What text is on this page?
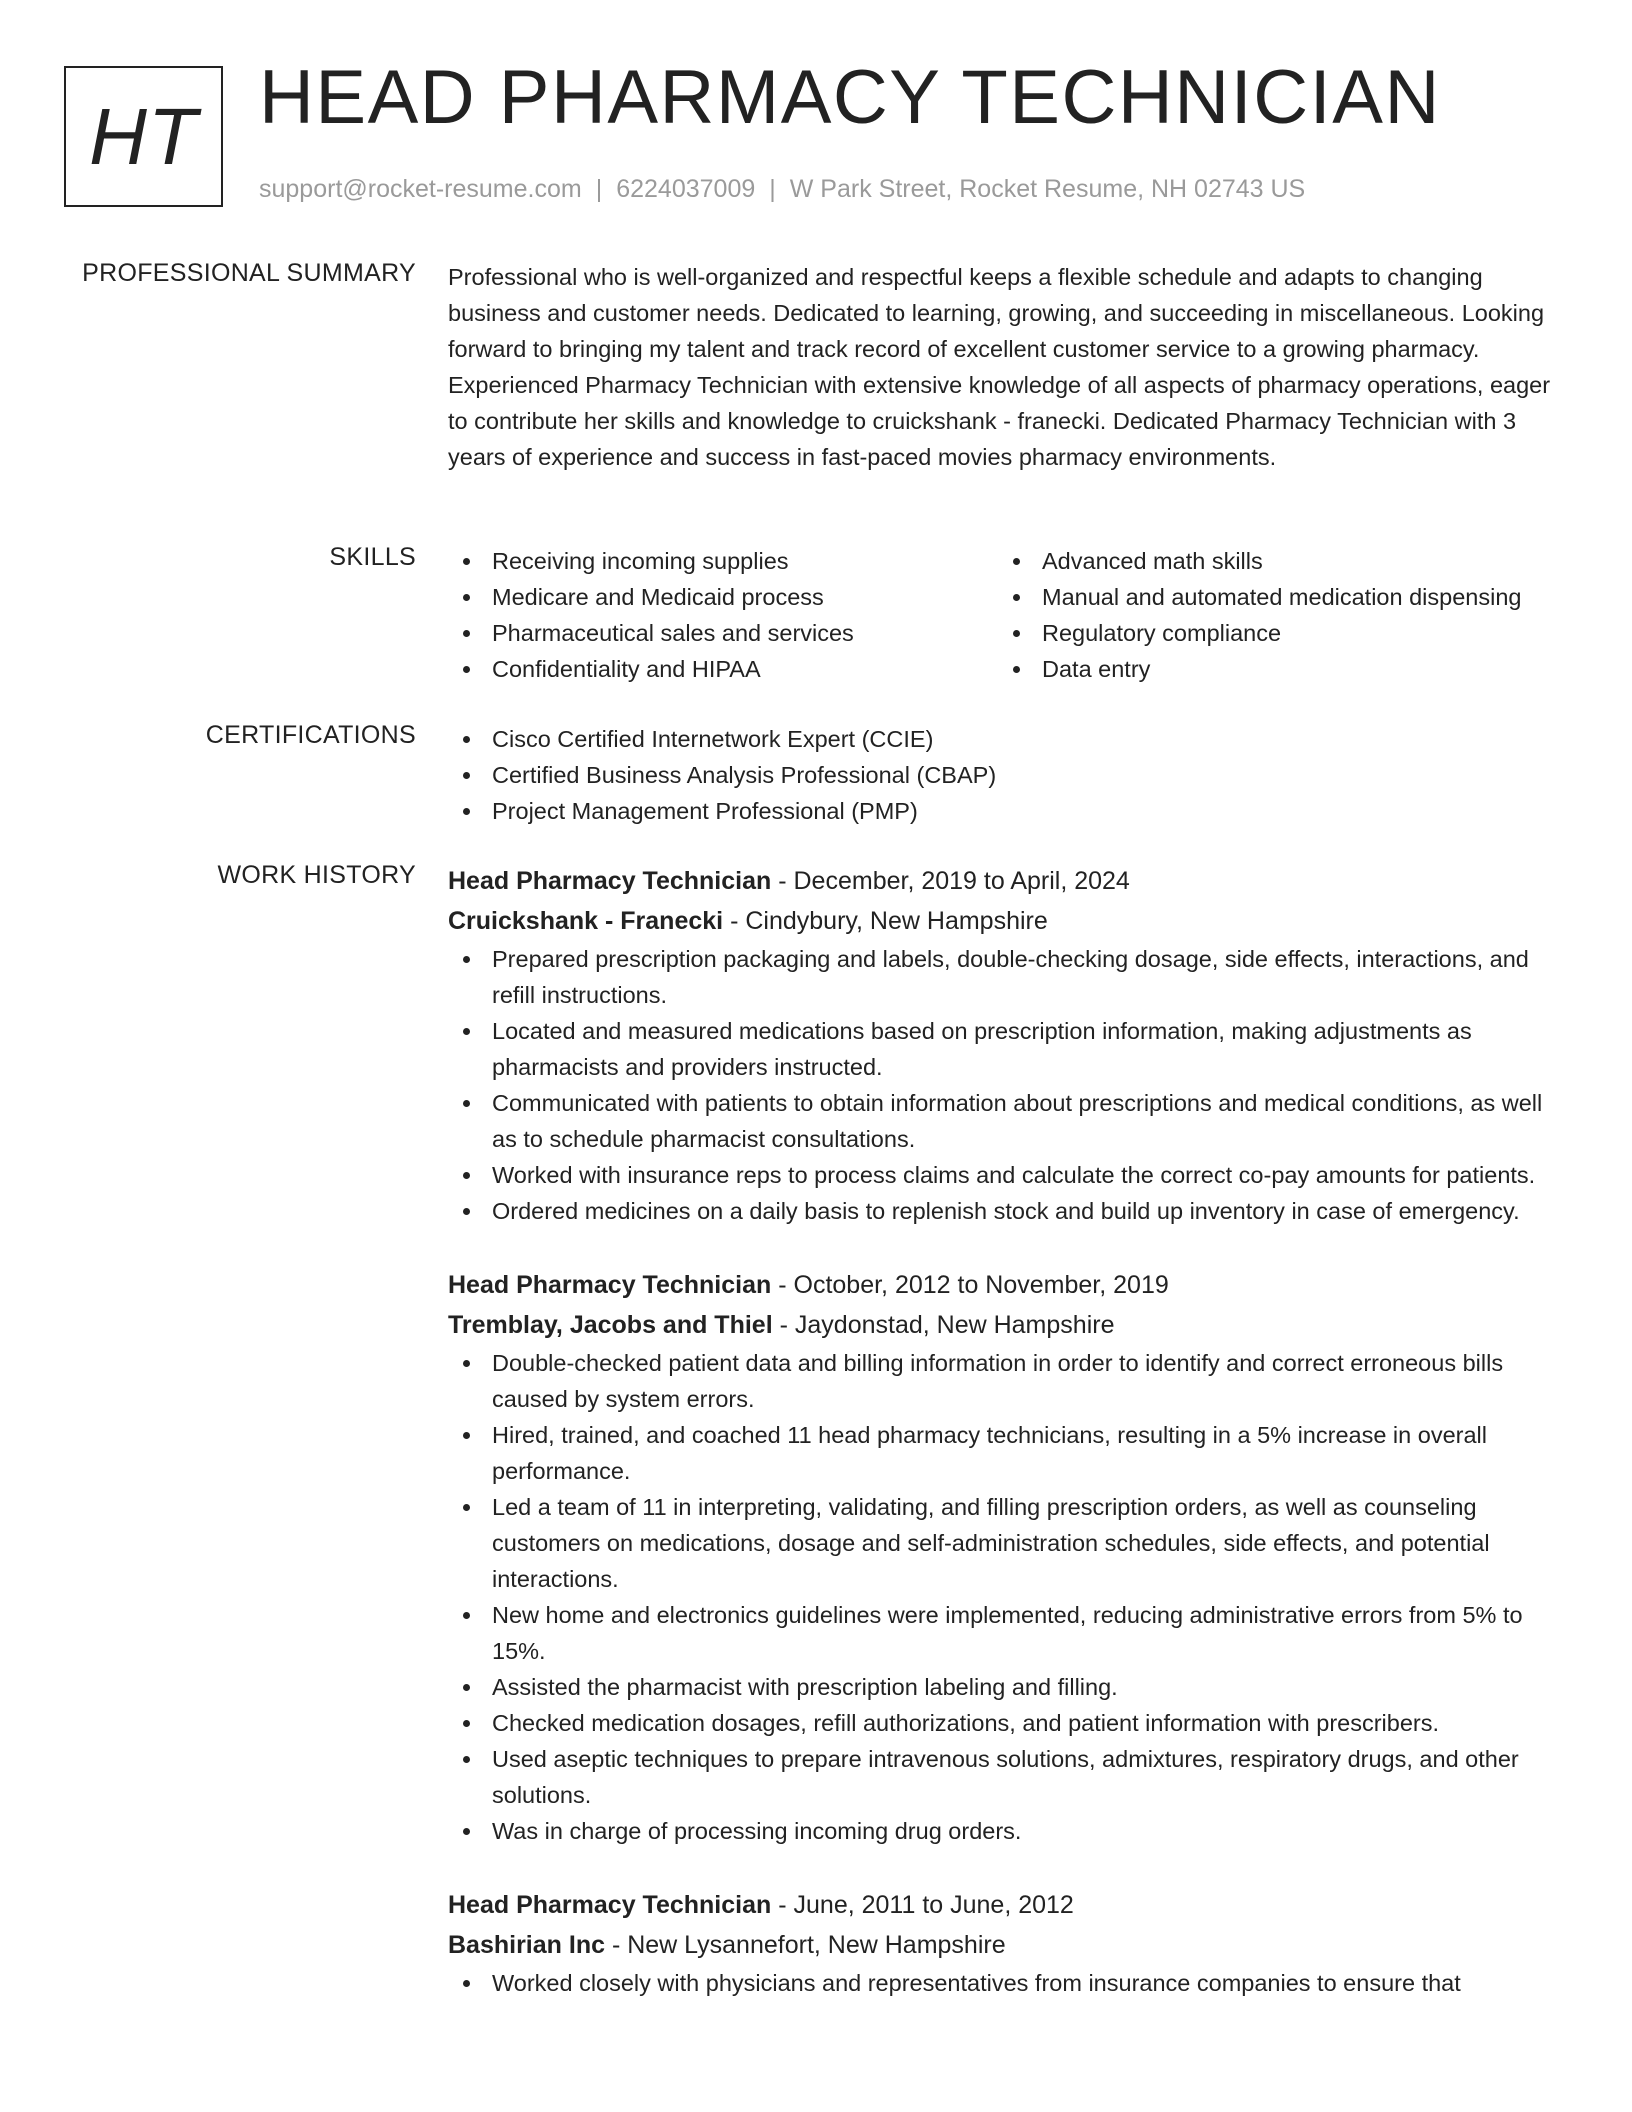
HT HEAD PHARMACY TECHNICIAN
support@rocket-resume.com | 6224037009 | W Park Street, Rocket Resume, NH 02743 US
PROFESSIONAL SUMMARY Professional who is well-organized and respectful keeps a flexible schedule and adapts to changing business and customer needs. Dedicated to learning, growing, and succeeding in miscellaneous. Looking forward to bringing my talent and track record of excellent customer service to a growing pharmacy. Experienced Pharmacy Technician with extensive knowledge of all aspects of pharmacy operations, eager to contribute her skills and knowledge to cruickshank - franecki. Dedicated Pharmacy Technician with 3 years of experience and success in fast-paced movies pharmacy environments.

SKILLS	Receiving incoming supplies
Medicare and Medicaid process
Pharmaceutical sales and services
Confidentiality and HIPAA
Advanced math skills
Manual and automated medication dispensing
Regulatory compliance
Data entry
CERTIFICATIONS	Cisco Certified Internetwork Expert (CCIE)
Certified Business Analysis Professional (CBAP)
Project Management Professional (PMP)
WORK HISTORY Head Pharmacy Technician - December, 2019 to April, 2024
Cruickshank - Franecki - Cindybury, New Hampshire
Prepared prescription packaging and labels, double-checking dosage, side effects, interactions, and refill instructions.
Located and measured medications based on prescription information, making adjustments as pharmacists and providers instructed.
Communicated with patients to obtain information about prescriptions and medical conditions, as well as to schedule pharmacist consultations.
Worked with insurance reps to process claims and calculate the correct co-pay amounts for patients.
Ordered medicines on a daily basis to replenish stock and build up inventory in case of emergency.
Head Pharmacy Technician - October, 2012 to November, 2019
Tremblay, Jacobs and Thiel - Jaydonstad, New Hampshire
Double-checked patient data and billing information in order to identify and correct erroneous bills caused by system errors.
Hired, trained, and coached 11 head pharmacy technicians, resulting in a 5% increase in overall performance.
Led a team of 11 in interpreting, validating, and filling prescription orders, as well as counseling customers on medications, dosage and self-administration schedules, side effects, and potential interactions.
New home and electronics guidelines were implemented, reducing administrative errors from 5% to 15%.
Assisted the pharmacist with prescription labeling and filling.
Checked medication dosages, refill authorizations, and patient information with prescribers.
Used aseptic techniques to prepare intravenous solutions, admixtures, respiratory drugs, and other solutions.
Was in charge of processing incoming drug orders.
Head Pharmacy Technician - June, 2011 to June, 2012
Bashirian Inc - New Lysannefort, New Hampshire
Worked closely with physicians and representatives from insurance companies to ensure that
